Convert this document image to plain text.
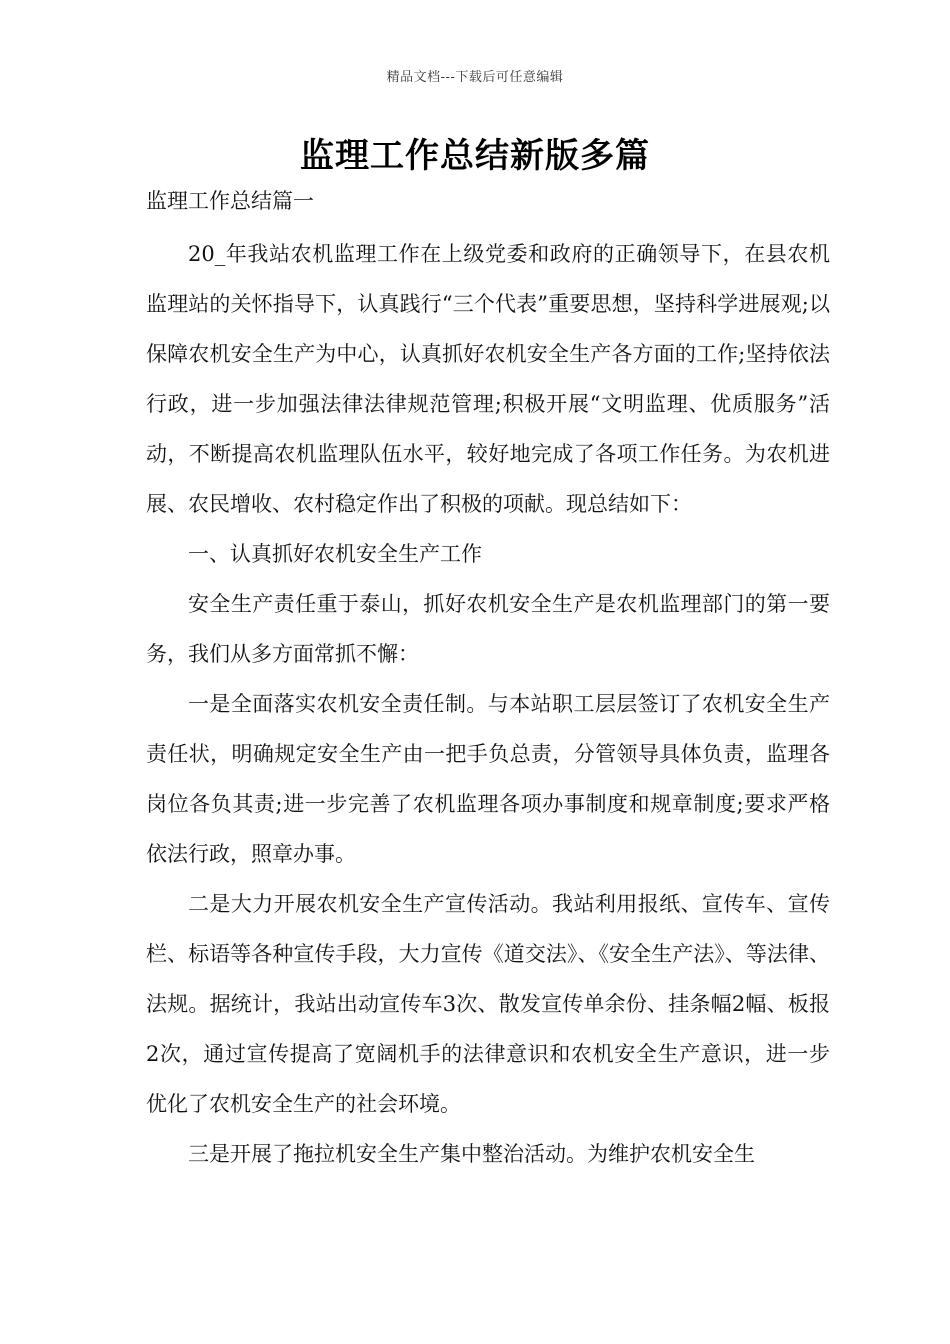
精品文档---下载后可任意编辑
监理工作总结新版多篇

监理工作总结篇一

20_年我站农机监理工作在上级党委和政府的正确领导下，在县农机监理站的关怀指导下，认真践行“三个代表”重要思想，坚持科学进展观;以保障农机安全生产为中心，认真抓好农机安全生产各方面的工作;坚持依法行政，进一步加强法律法律规范管理;积极开展“文明监理、优质服务”活动，不断提高农机监理队伍水平，较好地完成了各项工作任务。为农机进展、农民增收、农村稳定作出了积极的项献。现总结如下：

一、认真抓好农机安全生产工作

安全生产责任重于泰山，抓好农机安全生产是农机监理部门的第一要务，我们从多方面常抓不懈：

一是全面落实农机安全责任制。与本站职工层层签订了农机安全生产责任状，明确规定安全生产由一把手负总责，分管领导具体负责，监理各岗位各负其责;进一步完善了农机监理各项办事制度和规章制度;要求严格依法行政，照章办事。

二是大力开展农机安全生产宣传活动。我站利用报纸、宣传车、宣传栏、标语等各种宣传手段，大力宣传《道交法》、《安全生产法》、等法律、法规。据统计，我站出动宣传车3次、散发宣传单余份、挂条幅2幅、板报2次，通过宣传提高了宽阔机手的法律意识和农机安全生产意识，进一步优化了农机安全生产的社会环境。

三是开展了拖拉机安全生产集中整治活动。为维护农机安全生
